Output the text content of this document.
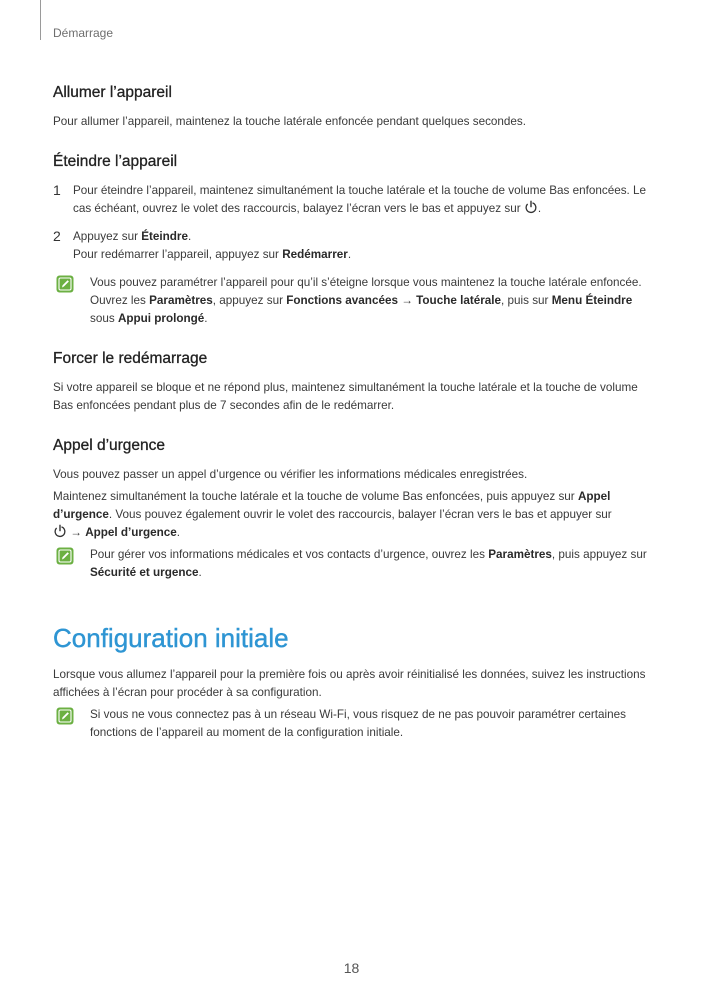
Démarrage
Allumer l’appareil

Pour allumer l’appareil, maintenez la touche latérale enfoncée pendant quelques secondes.

Éteindre l’appareil
1 Pour éteindre l’appareil, maintenez simultanément la touche latérale et la touche de volume Bas enfoncées. Le cas échéant, ouvrez le volet des raccourcis, balayez l’écran vers le bas et appuyez sur .
2 Appuyez sur Éteindre.
Pour redémarrer l’appareil, appuyez sur Redémarrer.
Vous pouvez paramétrer l’appareil pour qu’il s’éteigne lorsque vous maintenez la touche latérale enfoncée. Ouvrez les Paramètres, appuyez sur Fonctions avancées → Touche latérale, puis sur Menu Éteindre sous Appui prolongé.
Forcer le redémarrage

Si votre appareil se bloque et ne répond plus, maintenez simultanément la touche latérale et la touche de volume Bas enfoncées pendant plus de 7 secondes afin de le redémarrer.

Appel d’urgence

Vous pouvez passer un appel d’urgence ou vérifier les informations médicales enregistrées.

Maintenez simultanément la touche latérale et la touche de volume Bas enfoncées, puis appuyez sur Appel d’urgence. Vous pouvez également ouvrir le volet des raccourcis, balayer l’écran vers le bas et appuyer sur
→ Appel d’urgence.

Pour gérer vos informations médicales et vos contacts d’urgence, ouvrez les Paramètres, puis appuyez sur Sécurité et urgence.
Configuration initiale

Lorsque vous allumez l’appareil pour la première fois ou après avoir réinitialisé les données, suivez les instructions affichées à l’écran pour procéder à sa configuration.

Si vous ne vous connectez pas à un réseau Wi-Fi, vous risquez de ne pas pouvoir paramétrer certaines fonctions de l’appareil au moment de la configuration initiale.
18
